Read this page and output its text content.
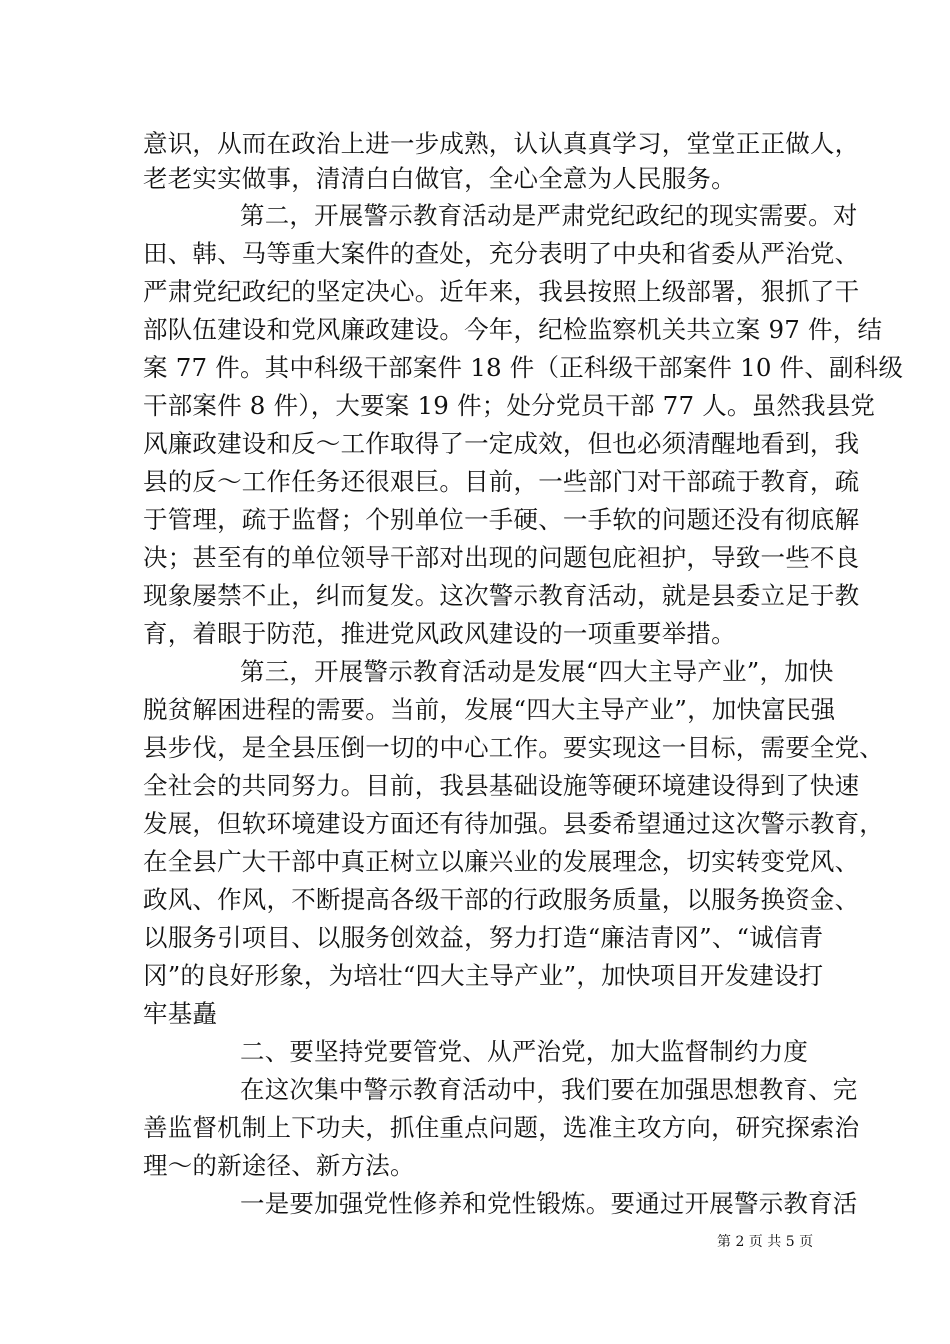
意识，从而在政治上进一步成熟，认认真真学习，堂堂正正做人，
老老实实做事，清清白白做官，全心全意为人民服务。
第二，开展警示教育活动是严肃党纪政纪的现实需要。对
田、韩、马等重大案件的查处，充分表明了中央和省委从严治党、
严肃党纪政纪的坚定决心。近年来，我县按照上级部署，狠抓了干
部队伍建设和党风廉政建设。今年，纪检监察机关共立案 97 件，结
案 77 件。其中科级干部案件 18 件（正科级干部案件 10 件、副科级
干部案件 8 件），大要案 19 件；处分党员干部 77 人。虽然我县党
风廉政建设和反～工作取得了一定成效，但也必须清醒地看到，我
县的反～工作任务还很艰巨。目前，一些部门对干部疏于教育，疏
于管理，疏于监督；个别单位一手硬、一手软的问题还没有彻底解
决；甚至有的单位领导干部对出现的问题包庇袒护，导致一些不良
现象屡禁不止，纠而复发。这次警示教育活动，就是县委立足于教
育，着眼于防范，推进党风政风建设的一项重要举措。
第三，开展警示教育活动是发展“四大主导产业”，加快
脱贫解困进程的需要。当前，发展“四大主导产业”，加快富民强
县步伐，是全县压倒一切的中心工作。要实现这一目标，需要全党、
全社会的共同努力。目前，我县基础设施等硬环境建设得到了快速
发展，但软环境建设方面还有待加强。县委希望通过这次警示教育，
在全县广大干部中真正树立以廉兴业的发展理念，切实转变党风、
政风、作风，不断提高各级干部的行政服务质量，以服务换资金、
以服务引项目、以服务创效益，努力打造“廉洁青冈”、“诚信青
冈”的良好形象，为培壮“四大主导产业”，加快项目开发建设打
牢基矗
二、要坚持党要管党、从严治党，加大监督制约力度
在这次集中警示教育活动中，我们要在加强思想教育、完
善监督机制上下功夫，抓住重点问题，选准主攻方向，研究探索治
理～的新途径、新方法。
一是要加强党性修养和党性锻炼。要通过开展警示教育活
第 2 页 共 5 页
